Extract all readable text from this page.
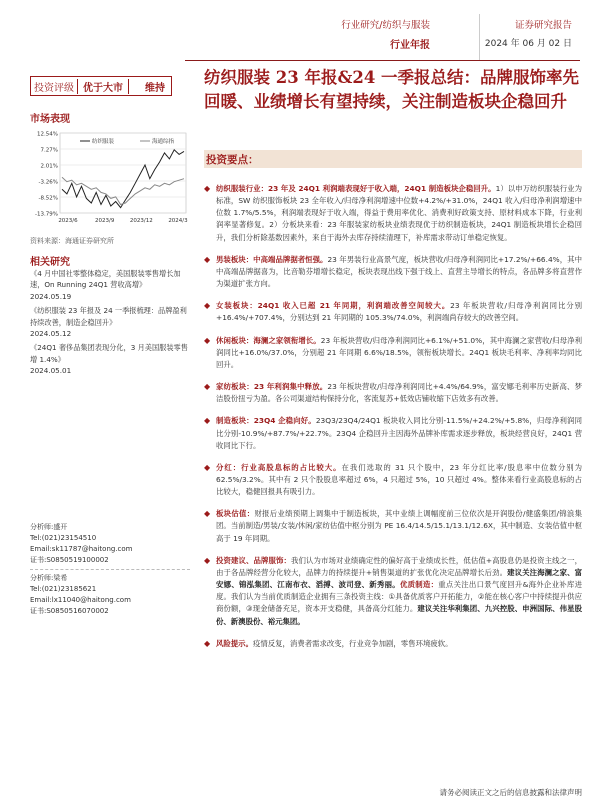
行业研究/纺织与服装
行业年报
证券研究报告
2024 年 06 月 02 日
投资评级 优于大市	维持
纺织服装 23 年报&24 一季报总结：品牌服饰率先回暖、业绩增长有望持续，关注制造板块企稳回升
市场表现
12.54%
7.27%
2.01%
-3.26%
-8.52%
-13.79%
2023/6	2023/9	2023/12	2024/3
纺织服装	海通综指
资料来源：海通证券研究所
相关研究
《4 月中国社零整体稳定，美国服装零售增长加速，On Running 24Q1 营收高增》
2024.05.19
《纺织服装 23 年报及 24 一季报梳理：品牌盈利持续改善，制造企稳回升》
2024.05.12
《24Q1 奢侈品集团表现分化，3 月美国服装零售增 1.4%》
2024.05.01
分析师:盛开
Tel:(021)23154510
Email:sk11787@haitong.com
证书:S0850519100002
分析师:梁希
Tel:(021)23185621
Email:lx11040@haitong.com
证书:S0850516070002
投资要点：
◆ 纺织服装行业：23 年及 24Q1 利润端表现好于收入端，24Q1 制造板块企稳回升。1）以申万纺织服装行业为标准，SW 纺织服饰板块 23 全年收入/归母净利润增速中位数+4.2%/+31.0%，24Q1 收入/归母净利润增速中位数 1.7%/5.5%，利润端表现好于收入端，得益于费用率优化、消费利好政策支持、原材料成本下降，行业利润率显著修复。2）分板块来看：23 年服装家纺板块业绩表现优于纺织制造板块，24Q1 制造板块增长企稳回升，我们分析除基数因素外，来自于海外去库存持续清理下，补库需求带动订单稳定恢复。
◆ 男装板块：中高端品牌据者恒强。23 年男装行业高景气度，板块营收/归母净利润同比+17.2%/+66.4%，其中中高端品牌据喜为，比音勒芬增增长稳定，板块表现出线下强于线上、直营主导增长的特点，各品牌多将直营作为渠道扩张方向。
◆ 女装板块：24Q1 收入已超 21 年同期，利润端改善空间较大。23 年板块营收/归母净利润同比分别+16.4%/+707.4%，分别达到 21 年同期的 105.3%/74.0%，利润端尚存较大的改善空间。
◆ 休闲板块：海澜之家领衔增长。23 年板块营收/归母净利润同比+6.1%/+51.0%，其中海澜之家营收/归母净利润同比+16.0%/37.0%，分别超 21 年同期 6.6%/18.5%，领衔板块增长。24Q1 板块毛利率、净利率均同比回升。
◆ 家纺板块：23 年利润集中释放。23 年板块营收/归母净利润同比+4.4%/64.9%，富安娜毛利率历史新高、梦洁股份扭亏为盈。各公司渠道结构保持分化，客流复苏+低效店铺收缩下店效多有改善。
◆ 制造板块：23Q4 企稳向好。23Q3/23Q4/24Q1 板块收入同比分别-11.5%/+24.2%/+5.8%，归母净利润同比分别-10.9%/+87.7%/+22.7%。23Q4 企稳回升主因海外品牌补库需求逐步释放，板块经营良好，24Q1 营收同比下行。
◆ 分红：行业高股息标的占比较大。在我们选取的 31 只个股中，23 年分红比率/股息率中位数分别为 62.5%/3.2%。其中有 2 只个股股息率超过 6%，4 只超过 5%，10 只超过 4%。整体来看行业高股息标的占比较大，稳健回报具有吸引力。
◆ 板块估值：财报后业绩预期上调集中于制造板块，其中业绩上调幅度前三位依次是开润股份/健盛集团/锦浪集团。当前制造/男装/女装/休闲/家纺估值中枢分别为 PE 16.4/14.5/15.1/13.1/12.6X，其中制造、女装估值中枢高于 19 年同期。
◆ 投资建议、品牌服饰：我们认为市场对业绩确定性的偏好高于业绩成长性，低估值+高股息仍是投资主线之一，由于各品牌经营分化较大，品牌力的持续提升+销售渠道的扩张优化决定品牌增长后劲。建议关注海澜之家、富安娜、锦泓集团、江南布衣、滔搏、波司登、新秀丽。优质制造：重点关注出口景气度回升&海外企业补库进度。我们认为当前优质制造企业拥有三条投资主线：①具备优质客户开拓能力，②能在核心客户中持续提升供应商份额，③现金储备充足，资本开支稳健，具备高分红能力。建议关注华利集团、九兴控股、申洲国际、伟星股份、新澳股份、裕元集团。
◆ 风险提示。疫情反复，消费者需求改变，行业竞争加剧，零售环境疲软。
请务必阅读正文之后的信息披露和法律声明
